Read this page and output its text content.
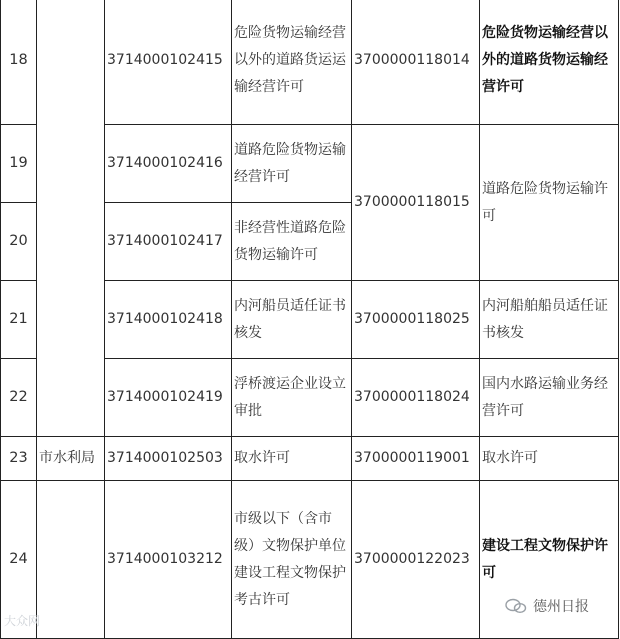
18		3714000102415	危险货物运输经营以外的道路货运运输经营许可	3700000118014	危险货物运输经营以外的道路货物运输经营许可
19		3714000102416	道路危险货物运输经营许可	3700000118015	道路危险货物运输许可
20		3714000102417	非经营性道路危险货物运输许可		
21		3714000102418	内河船员适任证书核发	3700000118025	内河船舶船员适任证书核发
22		3714000102419	浮桥渡运企业设立审批	3700000118024	国内水路运输业务经营许可
23	市水利局	3714000102503	取水许可	3700000119001	取水许可
24		3714000103212	市级以下（含市级）文物保护单位建设工程文物保护考古许可	3700000122023	建设工程文物保护许可
大众网
德州日报
